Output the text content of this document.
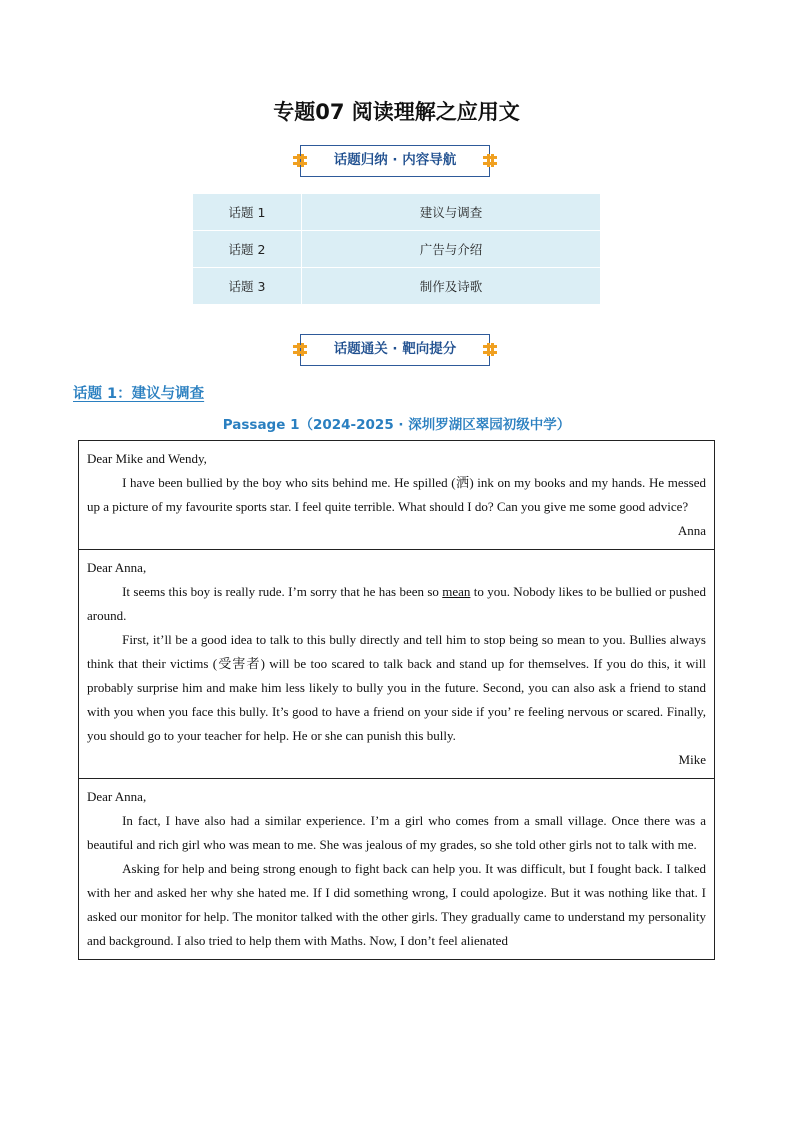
专题07 阅读理解之应用文
话题归纳 · 内容导航
话题 1	建议与调查
话题 2	广告与介绍
话题 3	制作及诗歌
话题通关 · 靶向提分
话题 1：建议与调查
Passage 1（2024-2025 · 深圳罗湖区翠园初级中学）
Dear Mike and Wendy,

I have been bullied by the boy who sits behind me. He spilled (洒) ink on my books and my hands. He messed up a picture of my favourite sports star. I feel quite terrible. What should I do? Can you give me some good advice?

Anna
Dear Anna,

It seems this boy is really rude. I’m sorry that he has been so mean to you. Nobody likes to be bullied or pushed around.

First, it’ll be a good idea to talk to this bully directly and tell him to stop being so mean to you. Bullies always think that their victims (受害者) will be too scared to talk back and stand up for themselves. If you do this, it will probably surprise him and make him less likely to bully you in the future. Second, you can also ask a friend to stand with you when you face this bully. It’s good to have a friend on your side if you’ re feeling nervous or scared. Finally, you should go to your teacher for help. He or she can punish this bully.

Mike
Dear Anna,

In fact, I have also had a similar experience. I’m a girl who comes from a small village. Once there was a beautiful and rich girl who was mean to me. She was jealous of my grades, so she told other girls not to talk with me.

Asking for help and being strong enough to fight back can help you. It was difficult, but I fought back. I talked with her and asked her why she hated me. If I did something wrong, I could apologize. But it was nothing like that. I asked our monitor for help. The monitor talked with the other girls. They gradually came to understand my personality and background. I also tried to help them with Maths. Now, I don’t feel alienated
